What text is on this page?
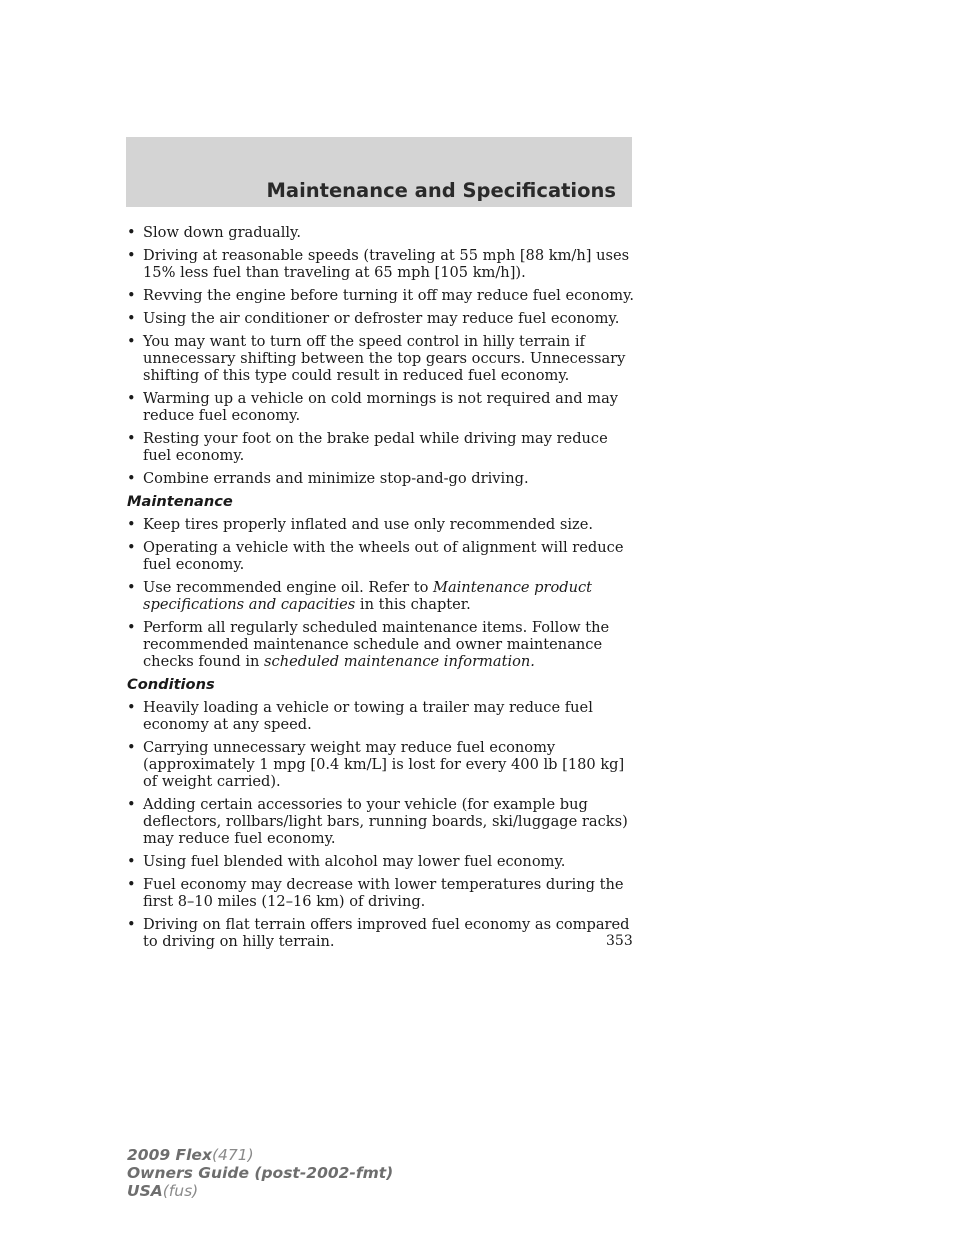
Maintenance and Specifications
• Slow down gradually.
• Driving at reasonable speeds (traveling at 55 mph [88 km/h] uses 15% less fuel than traveling at 65 mph [105 km/h]).
• Revving the engine before turning it off may reduce fuel economy.
• Using the air conditioner or defroster may reduce fuel economy.
• You may want to turn off the speed control in hilly terrain if unnecessary shifting between the top gears occurs. Unnecessary shifting of this type could result in reduced fuel economy.
• Warming up a vehicle on cold mornings is not required and may reduce fuel economy.
• Resting your foot on the brake pedal while driving may reduce fuel economy.
• Combine errands and minimize stop-and-go driving.
Maintenance
• Keep tires properly inflated and use only recommended size.
• Operating a vehicle with the wheels out of alignment will reduce fuel economy.
• Use recommended engine oil. Refer to Maintenance product specifications and capacities in this chapter.
• Perform all regularly scheduled maintenance items. Follow the recommended maintenance schedule and owner maintenance checks found in scheduled maintenance information.
Conditions
• Heavily loading a vehicle or towing a trailer may reduce fuel economy at any speed.
• Carrying unnecessary weight may reduce fuel economy (approximately 1 mpg [0.4 km/L] is lost for every 400 lb [180 kg] of weight carried).
• Adding certain accessories to your vehicle (for example bug deflectors, rollbars/light bars, running boards, ski/luggage racks) may reduce fuel economy.
• Using fuel blended with alcohol may lower fuel economy.
• Fuel economy may decrease with lower temperatures during the first 8–10 miles (12–16 km) of driving.
• Driving on flat terrain offers improved fuel economy as compared to driving on hilly terrain.	353
2009 Flex(471)
Owners Guide (post-2002-fmt)
USA(fus)
